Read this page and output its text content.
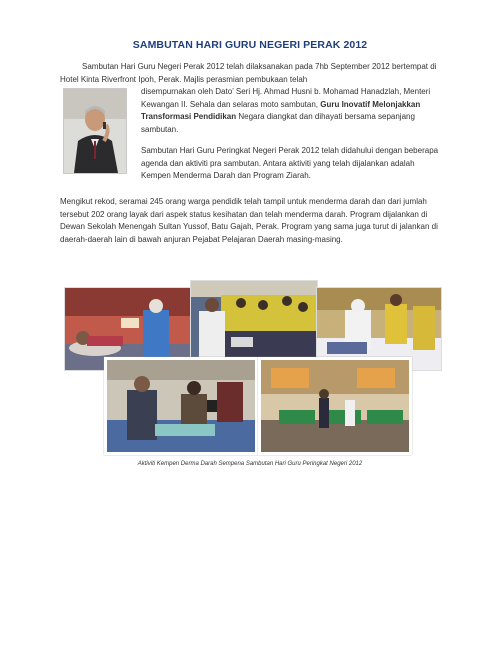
SAMBUTAN HARI GURU NEGERI PERAK 2012

Sambutan Hari Guru Negeri Perak 2012 telah dilaksanakan pada 7hb September 2012 bertempat di Hotel Kinta Riverfront Ipoh, Perak. Majlis perasmian pembukaan telah

disempurnakan oleh Dato’ Seri Hj. Ahmad Husni b. Mohamad Hanadzlah, Menteri Kewangan II. Sehala dan selaras moto sambutan, Guru Inovatif Melonjakkan Transformasi Pendidikan Negara diangkat dan dihayati bersama sepanjang sambutan.

Sambutan Hari Guru Peringkat Negeri Perak 2012 telah didahului dengan beberapa agenda dan aktiviti pra sambutan. Antara aktiviti yang telah dijalankan adalah Kempen Menderma Darah dan Program Ziarah.

Mengikut rekod, seramai 245 orang warga pendidik telah tampil untuk menderma darah dan dari jumlah tersebut 202 orang layak dari aspek status kesihatan dan telah menderma darah. Program dijalankan di Dewan Sekolah Menengah Sultan Yussof, Batu Gajah, Perak. Program yang sama juga turut di jalankan di daerah-daerah lain di bawah anjuran Pejabat Pelajaran Daerah masing-masing.

Aktiviti Kempen Derma Darah Sempena Sambutan Hari Guru Peringkat Negeri 2012
